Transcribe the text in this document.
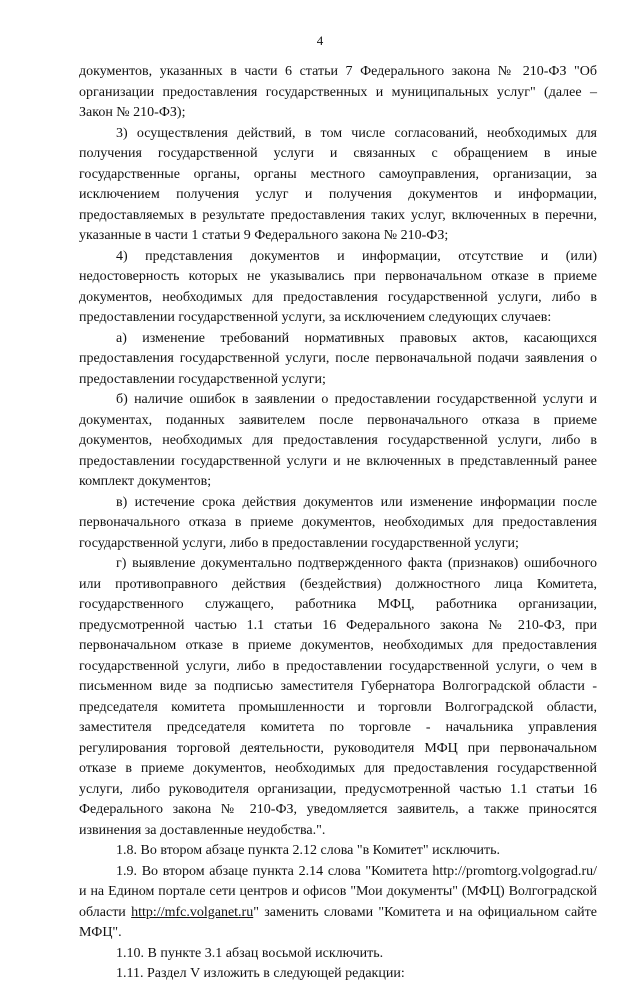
4

документов, указанных в части 6 статьи 7 Федерального закона № 210-ФЗ "Об организации предоставления государственных и муниципальных услуг" (далее – Закон № 210-ФЗ);

3) осуществления действий, в том числе согласований, необходимых для получения государственной услуги и связанных с обращением в иные государственные органы, органы местного самоуправления, организации, за исключением получения услуг и получения документов и информации, предоставляемых в результате предоставления таких услуг, включенных в перечни, указанные в части 1 статьи 9 Федерального закона № 210-ФЗ;

4) представления документов и информации, отсутствие и (или) недостоверность которых не указывались при первоначальном отказе в приеме документов, необходимых для предоставления государственной услуги, либо в предоставлении государственной услуги, за исключением следующих случаев:

а) изменение требований нормативных правовых актов, касающихся предоставления государственной услуги, после первоначальной подачи заявления о предоставлении государственной услуги;

б) наличие ошибок в заявлении о предоставлении государственной услуги и документах, поданных заявителем после первоначального отказа в приеме документов, необходимых для предоставления государственной услуги, либо в предоставлении государственной услуги и не включенных в представленный ранее комплект документов;

в) истечение срока действия документов или изменение информации после первоначального отказа в приеме документов, необходимых для предоставления государственной услуги, либо в предоставлении государственной услуги;

г) выявление документально подтвержденного факта (признаков) ошибочного или противоправного действия (бездействия) должностного лица Комитета, государственного служащего, работника МФЦ, работника организации, предусмотренной частью 1.1 статьи 16 Федерального закона № 210-ФЗ, при первоначальном отказе в приеме документов, необходимых для предоставления государственной услуги, либо в предоставлении государственной услуги, о чем в письменном виде за подписью заместителя Губернатора Волгоградской области - председателя комитета промышленности и торговли Волгоградской области, заместителя председателя комитета по торговле - начальника управления регулирования торговой деятельности, руководителя МФЦ при первоначальном отказе в приеме документов, необходимых для предоставления государственной услуги, либо руководителя организации, предусмотренной частью 1.1 статьи 16 Федерального закона № 210-ФЗ, уведомляется заявитель, а также приносятся извинения за доставленные неудобства.".

1.8. Во втором абзаце пункта 2.12 слова "в Комитет" исключить.

1.9. Во втором абзаце пункта 2.14 слова "Комитета http://promtorg.volgograd.ru/ и на Едином портале сети центров и офисов "Мои документы" (МФЦ) Волгоградской области http://mfc.volganet.ru" заменить словами "Комитета и на официальном сайте МФЦ".

1.10. В пункте 3.1 абзац восьмой исключить.

1.11. Раздел V изложить в следующей редакции:
